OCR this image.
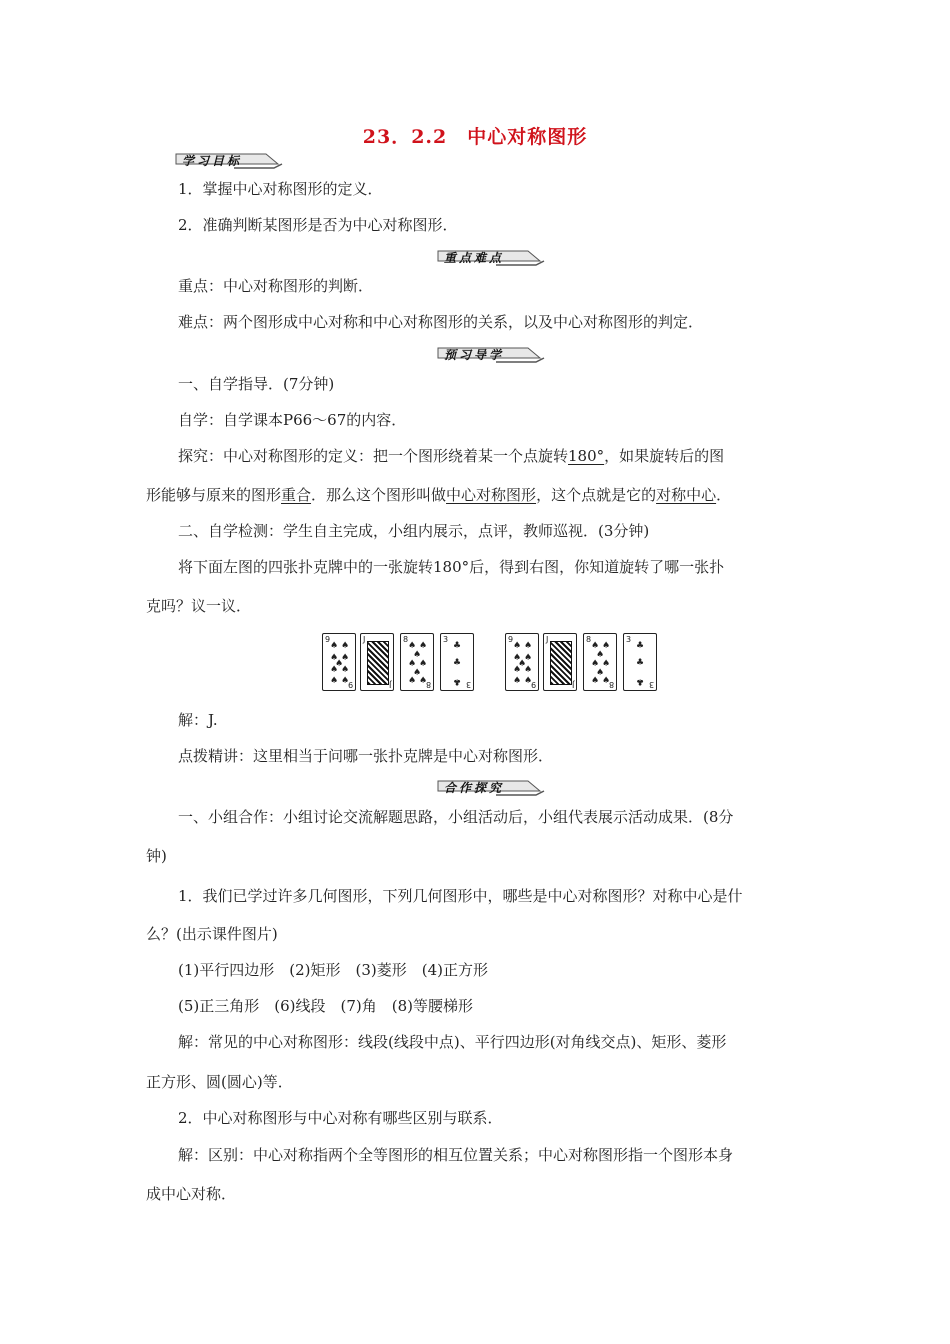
23．2.2　中心对称图形
学习目标
1．掌握中心对称图形的定义．
2．准确判断某图形是否为中心对称图形．
重点难点
重点：中心对称图形的判断．
难点：两个图形成中心对称和中心对称图形的关系，以及中心对称图形的判定．
预习导学
一、自学指导．(7分钟)
自学：自学课本P66～67的内容．
探究：中心对称图形的定义：把一个图形绕着某一个点旋转180°，如果旋转后的图
形能够与原来的图形重合．那么这个图形叫做中心对称图形，这个点就是它的对称中心．
二、自学检测：学生自主完成，小组内展示，点评，教师巡视．(3分钟)
将下面左图的四张扑克牌中的一张旋转180°后，得到右图，你知道旋转了哪一张扑
克吗？议一议．
9
9
♠ ♠
♠ ♠
♠
♠ ♠
♠ ♠
J
J
8
8
♠ ♠
♠
♠ ♠
♠
♠ ♠
3
3
♣
♣
♣
9
9
♠ ♠
♠ ♠
♠
♠ ♠
♠ ♠
J
J
8
8
♠ ♠
♠
♠ ♠
♠
♠ ♠
3
3
♣
♣
♣
解：J.
点拨精讲：这里相当于问哪一张扑克牌是中心对称图形．
合作探究
一、小组合作：小组讨论交流解题思路，小组活动后，小组代表展示活动成果．(8分
钟)
1．我们已学过许多几何图形，下列几何图形中，哪些是中心对称图形？对称中心是什
么？(出示课件图片)
(1)平行四边形　(2)矩形　(3)菱形　(4)正方形
(5)正三角形　(6)线段　(7)角　(8)等腰梯形
解：常见的中心对称图形：线段(线段中点)、平行四边形(对角线交点)、矩形、菱形
正方形、圆(圆心)等．
2．中心对称图形与中心对称有哪些区别与联系．
解：区别：中心对称指两个全等图形的相互位置关系；中心对称图形指一个图形本身
成中心对称．
